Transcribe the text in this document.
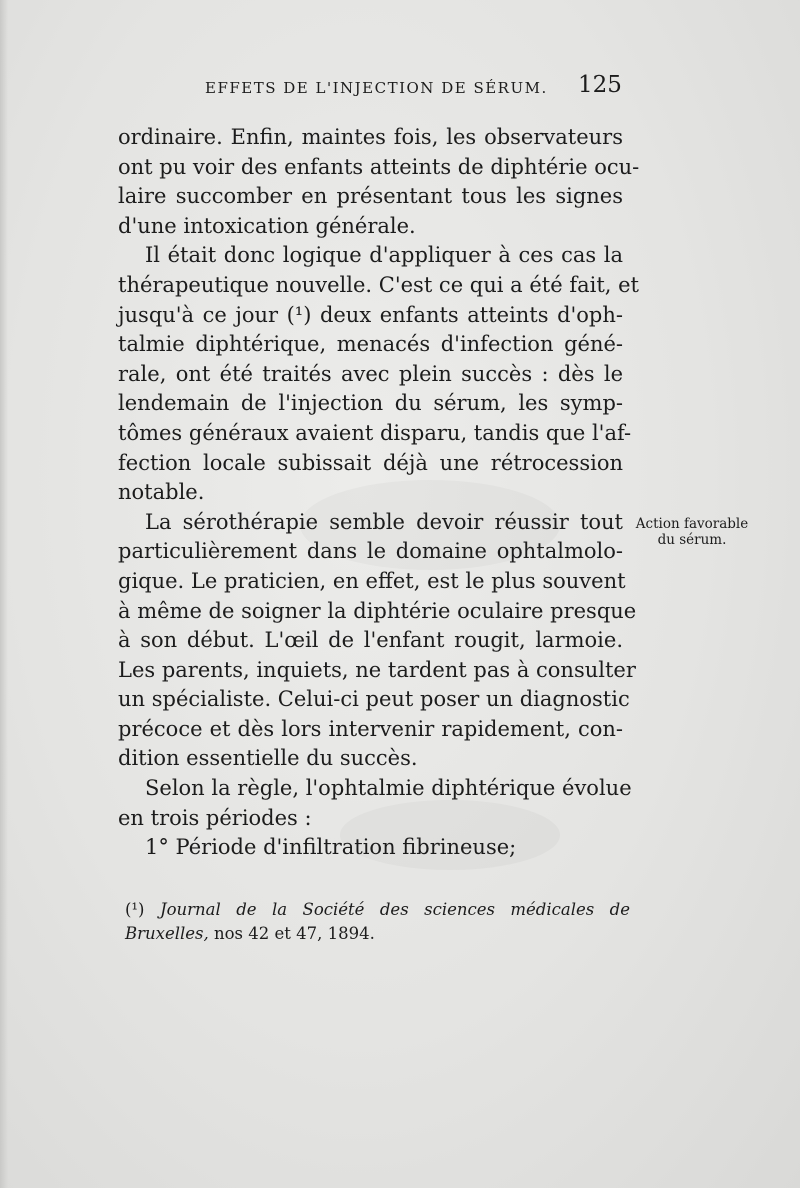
EFFETS DE L'INJECTION DE SÉRUM. 125
ordinaire. Enfin, maintes fois, les observateurs
ont pu voir des enfants atteints de diphtérie ocu-
laire succomber en présentant tous les signes
d'une intoxication générale.
Il était donc logique d'appliquer à ces cas la
thérapeutique nouvelle. C'est ce qui a été fait, et
jusqu'à ce jour (¹) deux enfants atteints d'oph-
talmie diphtérique, menacés d'infection géné-
rale, ont été traités avec plein succès : dès le
lendemain de l'injection du sérum, les symp-
tômes généraux avaient disparu, tandis que l'af-
fection locale subissait déjà une rétrocession
notable.
La sérothérapie semble devoir réussir tout
particulièrement dans le domaine ophtalmolo-
gique. Le praticien, en effet, est le plus souvent
à même de soigner la diphtérie oculaire presque
à son début. L'œil de l'enfant rougit, larmoie.
Les parents, inquiets, ne tardent pas à consulter
un spécialiste. Celui-ci peut poser un diagnostic
précoce et dès lors intervenir rapidement, con-
dition essentielle du succès.
Selon la règle, l'ophtalmie diphtérique évolue
en trois périodes :
1° Période d'infiltration fibrineuse;
Action favorable
du sérum.
(¹) Journal de la Société des sciences médicales de
Bruxelles, nos 42 et 47, 1894.
